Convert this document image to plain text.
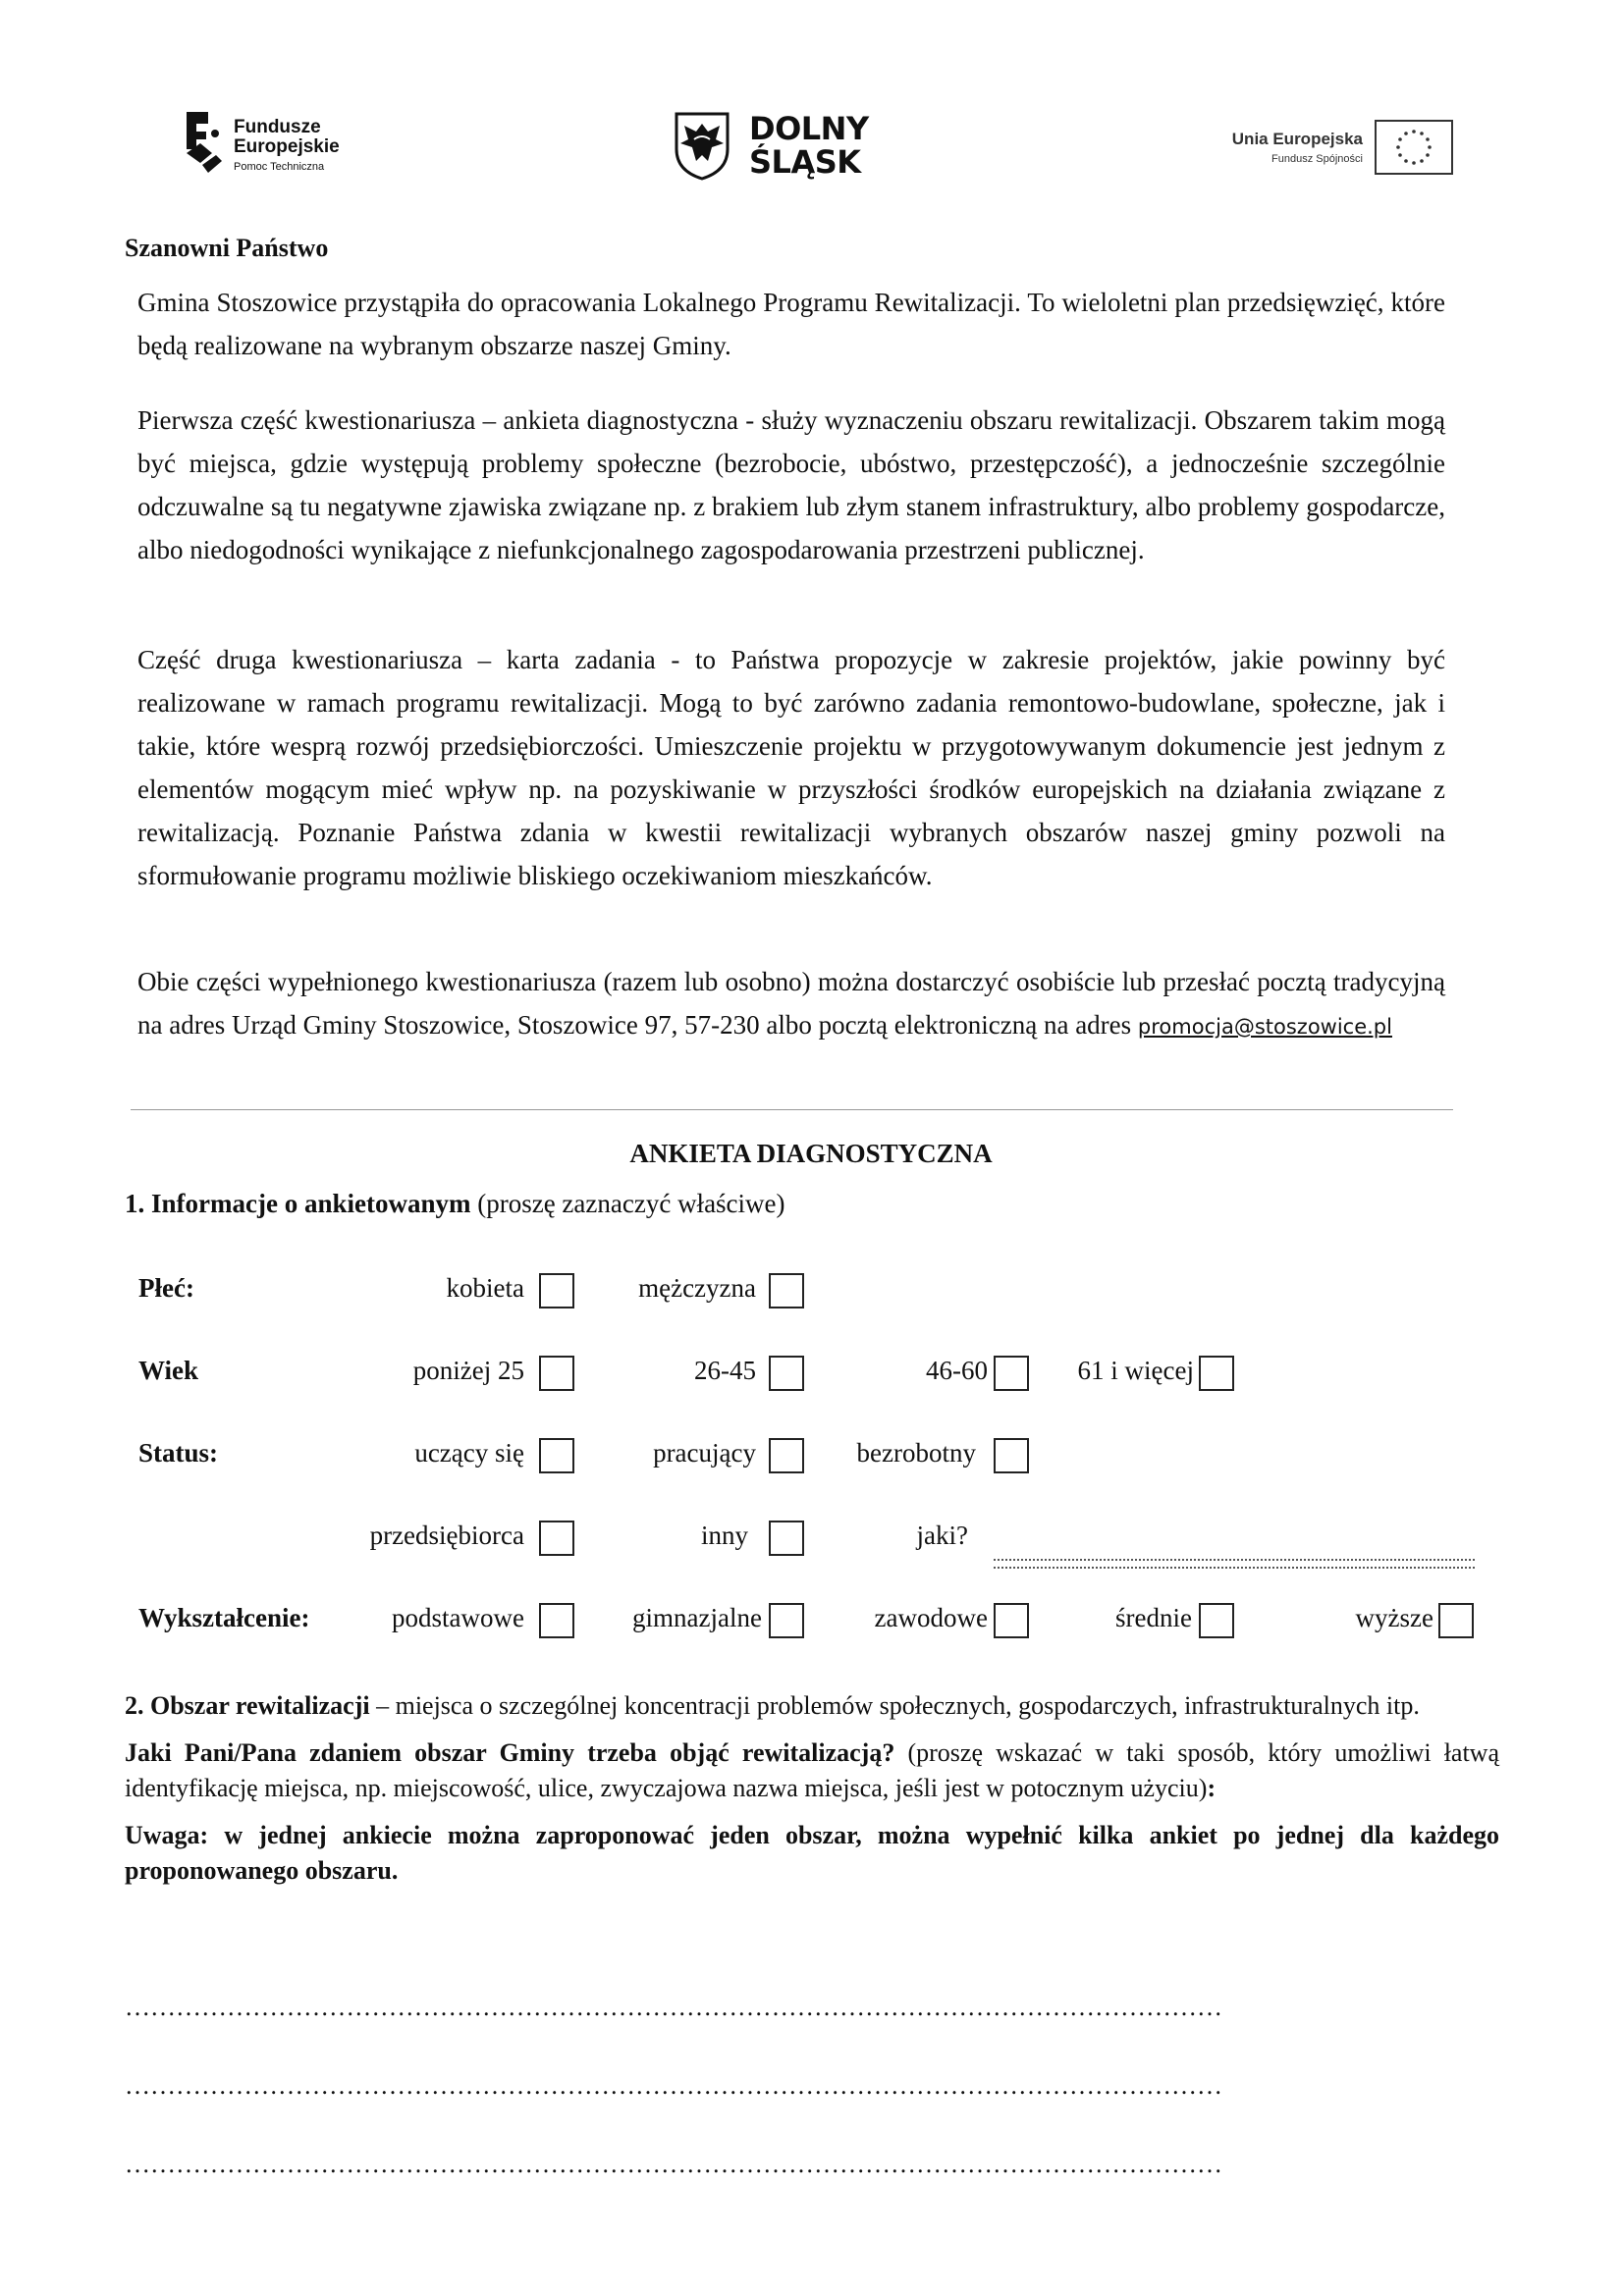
Fundusze
Europejskie
Pomoc Techniczna
DOLNY
ŚLĄSK
Unia Europejska
Fundusz Spójności
Szanowni Państwo

Gmina Stoszowice przystąpiła do opracowania Lokalnego Programu Rewitalizacji. To wieloletni plan przedsięwzięć, które będą realizowane na wybranym obszarze naszej Gminy.

Pierwsza część kwestionariusza – ankieta diagnostyczna - służy wyznaczeniu obszaru rewitalizacji. Obszarem takim mogą być miejsca, gdzie występują problemy społeczne (bezrobocie, ubóstwo, przestępczość), a jednocześnie szczególnie odczuwalne są tu negatywne zjawiska związane np. z brakiem lub złym stanem infrastruktury, albo problemy gospodarcze, albo niedogodności wynikające z niefunkcjonalnego zagospodarowania przestrzeni publicznej.

Część druga kwestionariusza – karta zadania - to Państwa propozycje w zakresie projektów, jakie powinny być realizowane w ramach programu rewitalizacji. Mogą to być zarówno zadania remontowo-budowlane, społeczne, jak i takie, które wesprą rozwój przedsiębiorczości. Umieszczenie projektu w przygotowywanym dokumencie jest jednym z elementów mogącym mieć wpływ np. na pozyskiwanie w przyszłości środków europejskich na działania związane z rewitalizacją. Poznanie Państwa zdania w kwestii rewitalizacji wybranych obszarów naszej gminy pozwoli na sformułowanie programu możliwie bliskiego oczekiwaniom mieszkańców.

Obie części wypełnionego kwestionariusza (razem lub osobno) można dostarczyć osobiście lub przesłać pocztą tradycyjną na adres Urząd Gminy Stoszowice, Stoszowice 97, 57-230 albo pocztą elektroniczną na adres promocja@stoszowice.pl

ANKIETA DIAGNOSTYCZNA
1. Informacje o ankietowanym (proszę zaznaczyć właściwe)
Płeć:	kobieta	mężczyzna
Wiek	poniżej 25	26-45	46-60	61 i więcej
Status:	uczący się	pracujący	bezrobotny
przedsiębiorca	inny	jaki?
Wykształcenie:	podstawowe	gimnazjalne	zawodowe	średnie	wyższe

2. Obszar rewitalizacji – miejsca o szczególnej koncentracji problemów społecznych, gospodarczych, infrastrukturalnych itp.

Jaki Pani/Pana zdaniem obszar Gminy trzeba objąć rewitalizacją? (proszę wskazać w taki sposób, który umożliwi łatwą identyfikację miejsca, np. miejscowość, ulice, zwyczajowa nazwa miejsca, jeśli jest w potocznym użyciu):

Uwaga: w jednej ankiecie można zaproponować jeden obszar, można wypełnić kilka ankiet po jednej dla każdego proponowanego obszaru.

…………………………………………………………………………………………………………………
…………………………………………………………………………………………………………………
…………………………………………………………………………………………………………………
